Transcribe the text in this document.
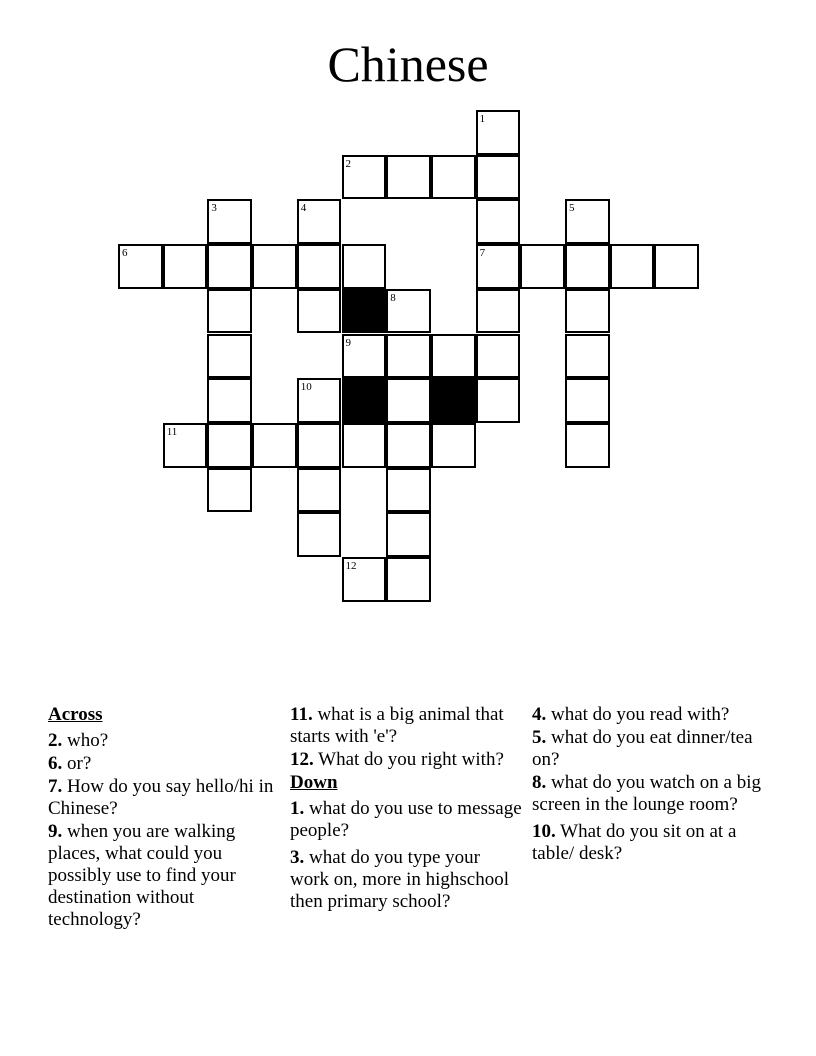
Chinese
1
2
3	4	5
6	7
8
9
10
11
12
Across
2. who?
6. or?
7. How do you say hello/hi in Chinese?
9. when you are walking places, what could you possibly use to find your destination without technology?
11. what is a big animal that starts with 'e'?
12. What do you right with?
Down
1. what do you use to message people?
3. what do you type your work on, more in highschool then primary school?
4. what do you read with?
5. what do you eat dinner/tea on?
8. what do you watch on a big screen in the lounge room?
10. What do you sit on at a table/ desk?
